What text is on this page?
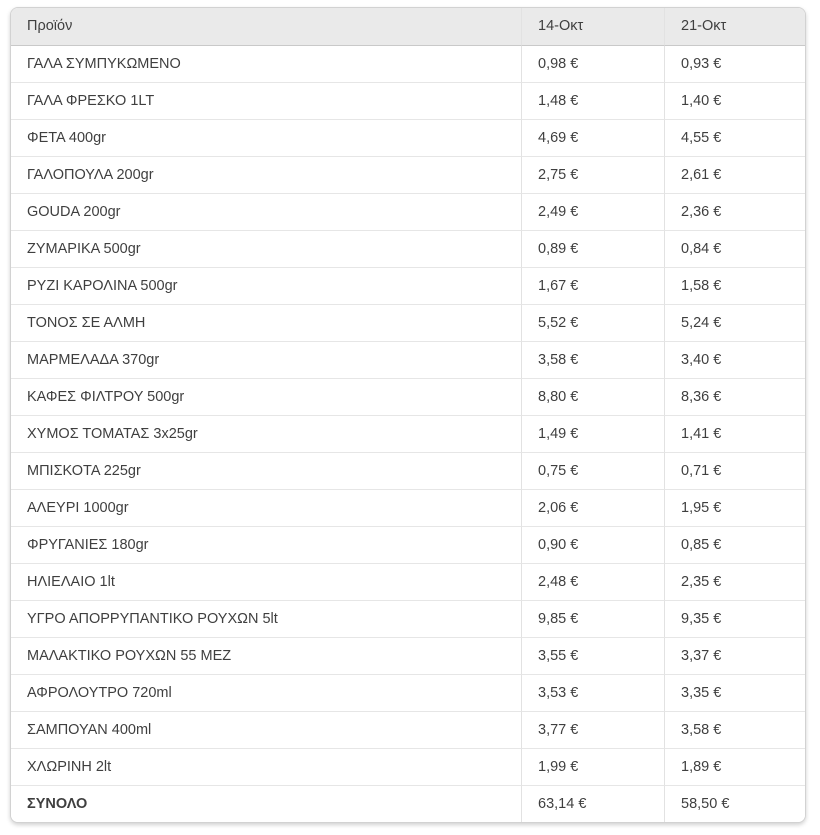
Προϊόν	14-Οκτ	21-Οκτ
ΓΑΛΑ ΣΥΜΠΥΚΩΜΕΝΟ	0,98 €	0,93 €
ΓΑΛΑ ΦΡΕΣΚΟ 1LT	1,48 €	1,40 €
ΦΕΤΑ 400gr	4,69 €	4,55 €
ΓΑΛΟΠΟΥΛΑ 200gr	2,75 €	2,61 €
GOUDA 200gr	2,49 €	2,36 €
ΖΥΜΑΡΙΚΑ 500gr	0,89 €	0,84 €
ΡΥΖΙ ΚΑΡΟΛΙΝΑ 500gr	1,67 €	1,58 €
ΤΟΝΟΣ ΣΕ ΑΛΜΗ	5,52 €	5,24 €
ΜΑΡΜΕΛΑΔΑ 370gr	3,58 €	3,40 €
ΚΑΦΕΣ ΦΙΛΤΡΟΥ 500gr	8,80 €	8,36 €
ΧΥΜΟΣ ΤΟΜΑΤΑΣ 3x25gr	1,49 €	1,41 €
ΜΠΙΣΚΟΤΑ 225gr	0,75 €	0,71 €
ΑΛΕΥΡΙ 1000gr	2,06 €	1,95 €
ΦΡΥΓΑΝΙΕΣ 180gr	0,90 €	0,85 €
ΗΛΙΕΛΑΙΟ 1lt	2,48 €	2,35 €
ΥΓΡΟ ΑΠΟΡΡΥΠΑΝΤΙΚΟ ΡΟΥΧΩΝ 5lt	9,85 €	9,35 €
ΜΑΛΑΚΤΙΚΟ ΡΟΥΧΩΝ 55 ΜΕΖ	3,55 €	3,37 €
ΑΦΡΟΛΟΥΤΡΟ 720ml	3,53 €	3,35 €
ΣΑΜΠΟΥΑΝ 400ml	3,77 €	3,58 €
ΧΛΩΡΙΝΗ 2lt	1,99 €	1,89 €
ΣΥΝΟΛΟ	63,14 €	58,50 €
